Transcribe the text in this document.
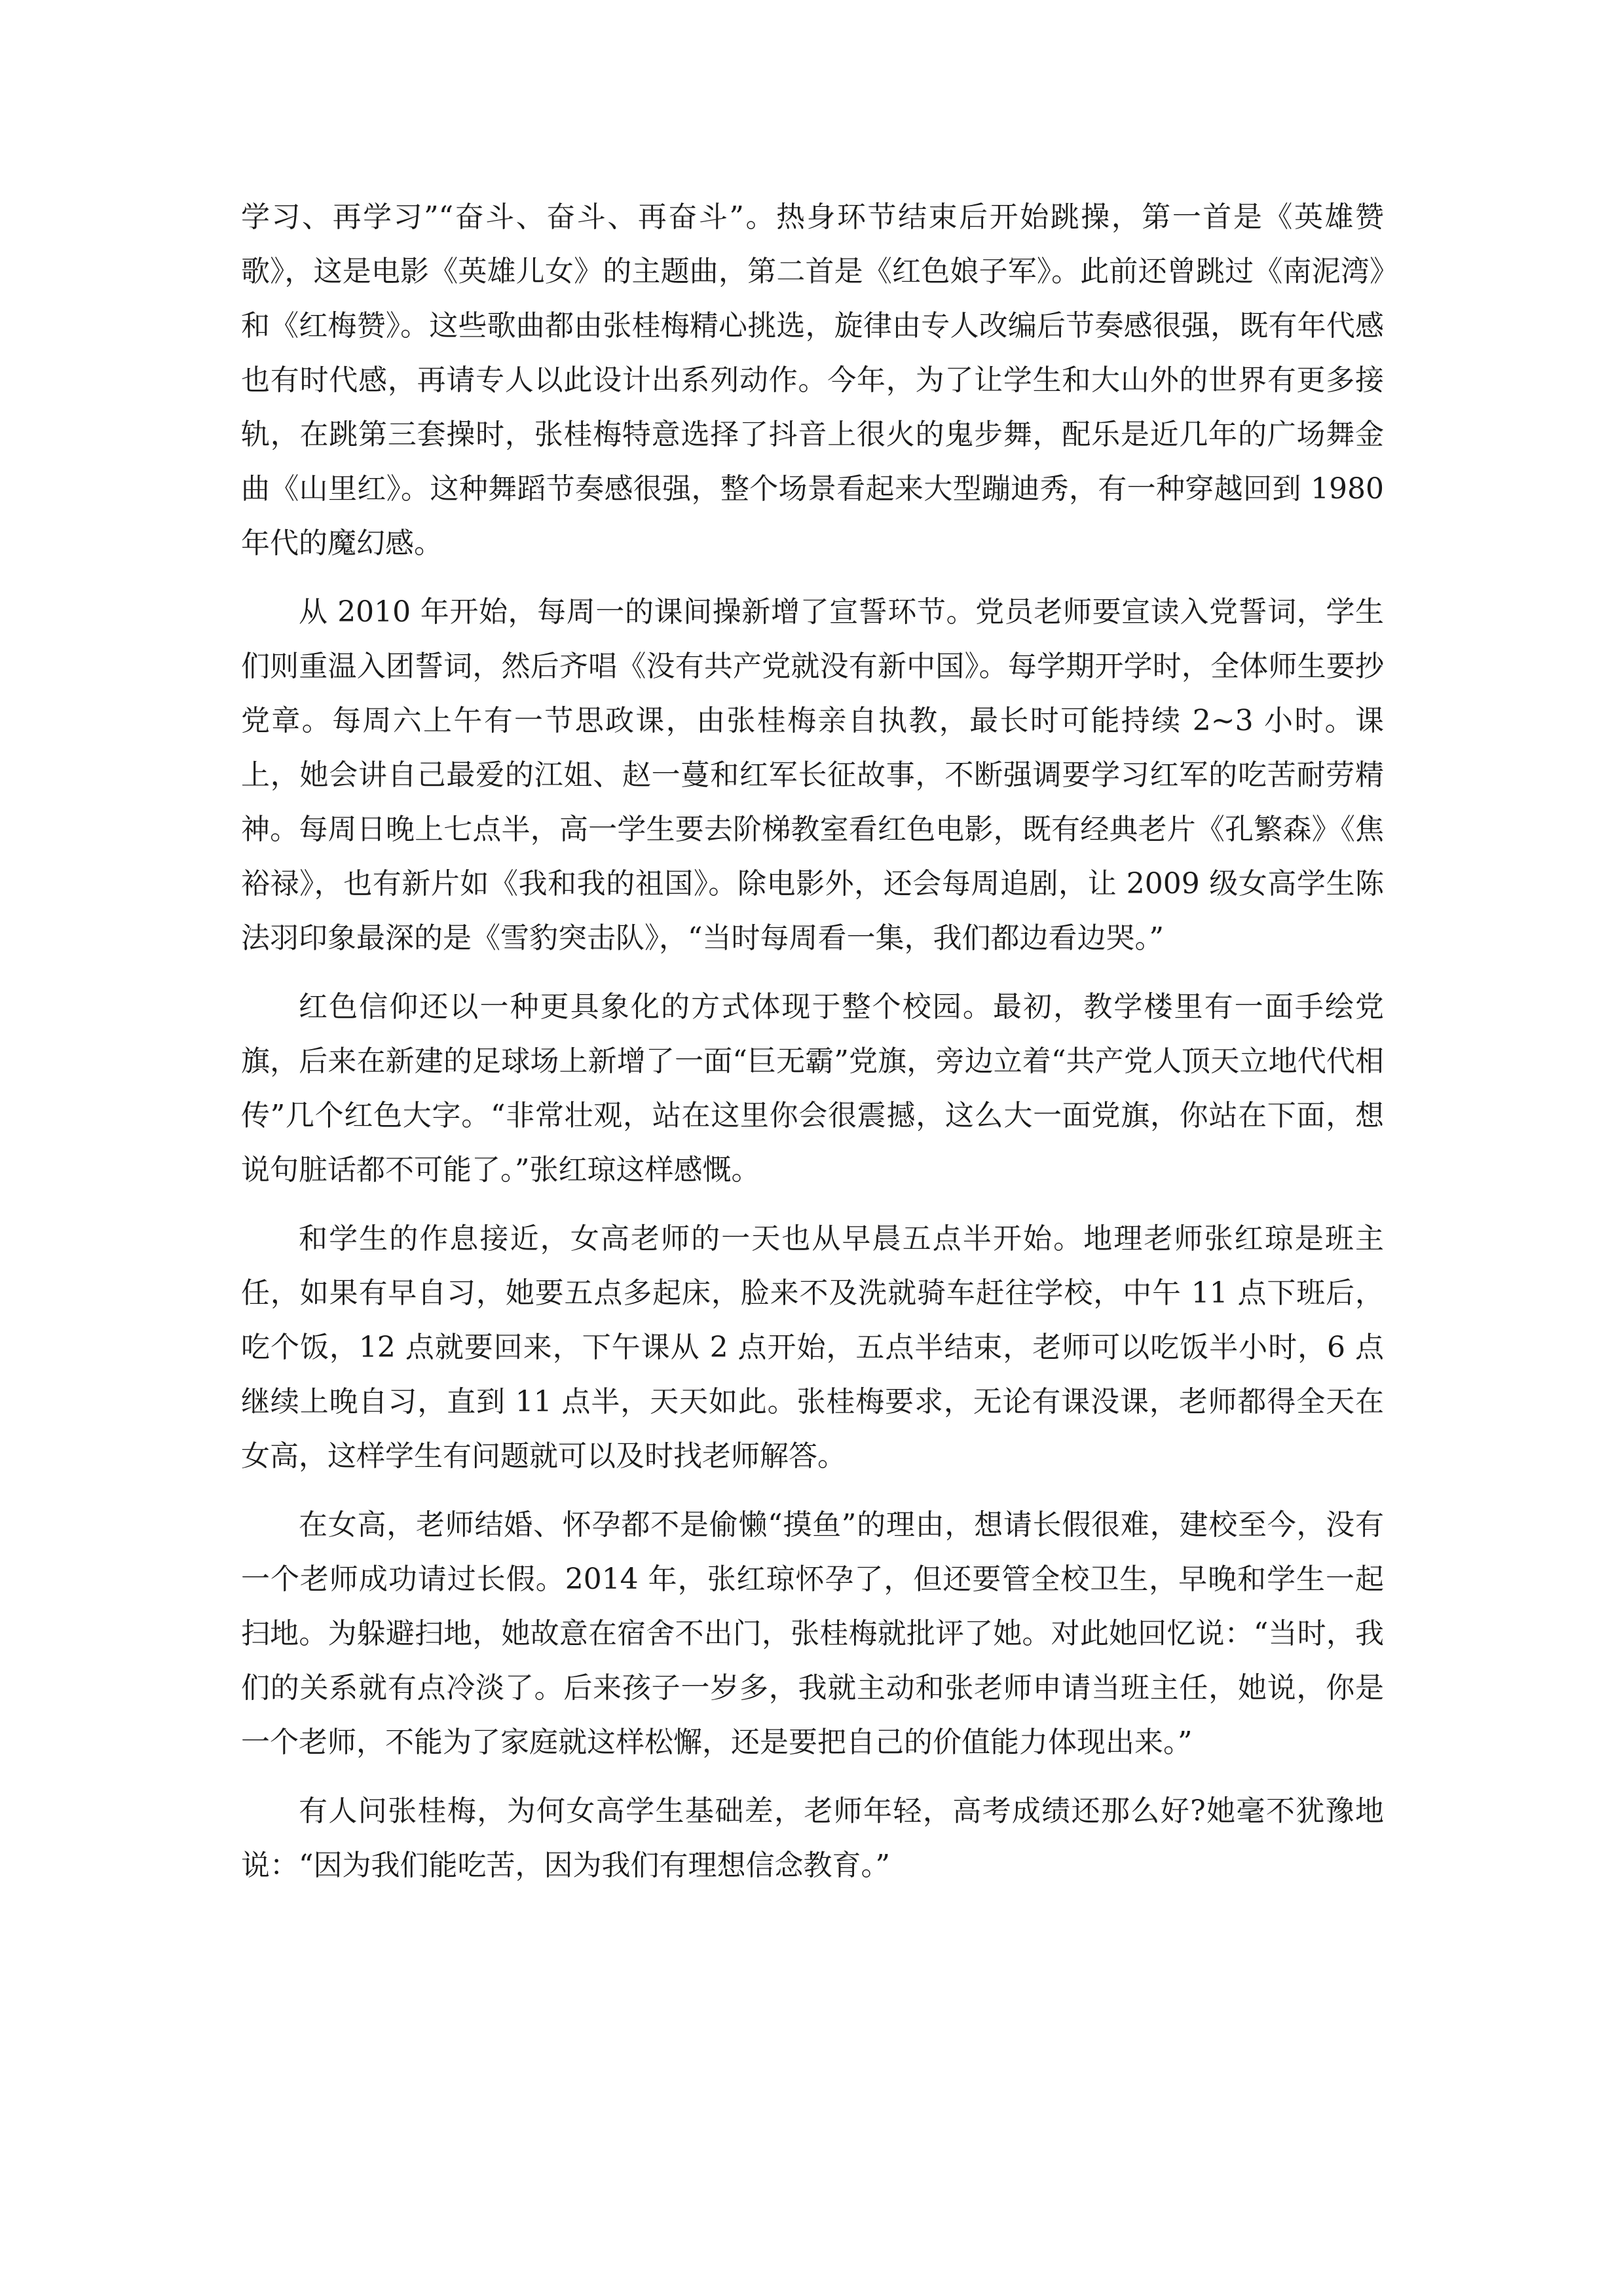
学习、再学习”“奋斗、奋斗、再奋斗”。热身环节结束后开始跳操，第一首是《英雄赞歌》，这是电影《英雄儿女》的主题曲，第二首是《红色娘子军》。此前还曾跳过《南泥湾》和《红梅赞》。这些歌曲都由张桂梅精心挑选，旋律由专人改编后节奏感很强，既有年代感也有时代感，再请专人以此设计出系列动作。今年，为了让学生和大山外的世界有更多接轨，在跳第三套操时，张桂梅特意选择了抖音上很火的鬼步舞，配乐是近几年的广场舞金曲《山里红》。这种舞蹈节奏感很强，整个场景看起来大型蹦迪秀，有一种穿越回到 1980 年代的魔幻感。

从 2010 年开始，每周一的课间操新增了宣誓环节。党员老师要宣读入党誓词，学生们则重温入团誓词，然后齐唱《没有共产党就没有新中国》。每学期开学时，全体师生要抄党章。每周六上午有一节思政课，由张桂梅亲自执教，最长时可能持续 2~3 小时。课上，她会讲自己最爱的江姐、赵一蔓和红军长征故事，不断强调要学习红军的吃苦耐劳精神。每周日晚上七点半，高一学生要去阶梯教室看红色电影，既有经典老片《孔繁森》《焦裕禄》，也有新片如《我和我的祖国》。除电影外，还会每周追剧，让 2009 级女高学生陈法羽印象最深的是《雪豹突击队》，“当时每周看一集，我们都边看边哭。”

红色信仰还以一种更具象化的方式体现于整个校园。最初，教学楼里有一面手绘党旗，后来在新建的足球场上新增了一面“巨无霸”党旗，旁边立着“共产党人顶天立地代代相传”几个红色大字。“非常壮观，站在这里你会很震撼，这么大一面党旗，你站在下面，想说句脏话都不可能了。”张红琼这样感慨。

和学生的作息接近，女高老师的一天也从早晨五点半开始。地理老师张红琼是班主任，如果有早自习，她要五点多起床，脸来不及洗就骑车赶往学校，中午 11 点下班后，吃个饭，12 点就要回来，下午课从 2 点开始，五点半结束，老师可以吃饭半小时，6 点继续上晚自习，直到 11 点半，天天如此。张桂梅要求，无论有课没课，老师都得全天在女高，这样学生有问题就可以及时找老师解答。

在女高，老师结婚、怀孕都不是偷懒“摸鱼”的理由，想请长假很难，建校至今，没有一个老师成功请过长假。2014 年，张红琼怀孕了，但还要管全校卫生，早晚和学生一起扫地。为躲避扫地，她故意在宿舍不出门，张桂梅就批评了她。对此她回忆说：“当时，我们的关系就有点冷淡了。后来孩子一岁多，我就主动和张老师申请当班主任，她说，你是一个老师，不能为了家庭就这样松懈，还是要把自己的价值能力体现出来。”

有人问张桂梅，为何女高学生基础差，老师年轻，高考成绩还那么好?她毫不犹豫地说：“因为我们能吃苦，因为我们有理想信念教育。”
